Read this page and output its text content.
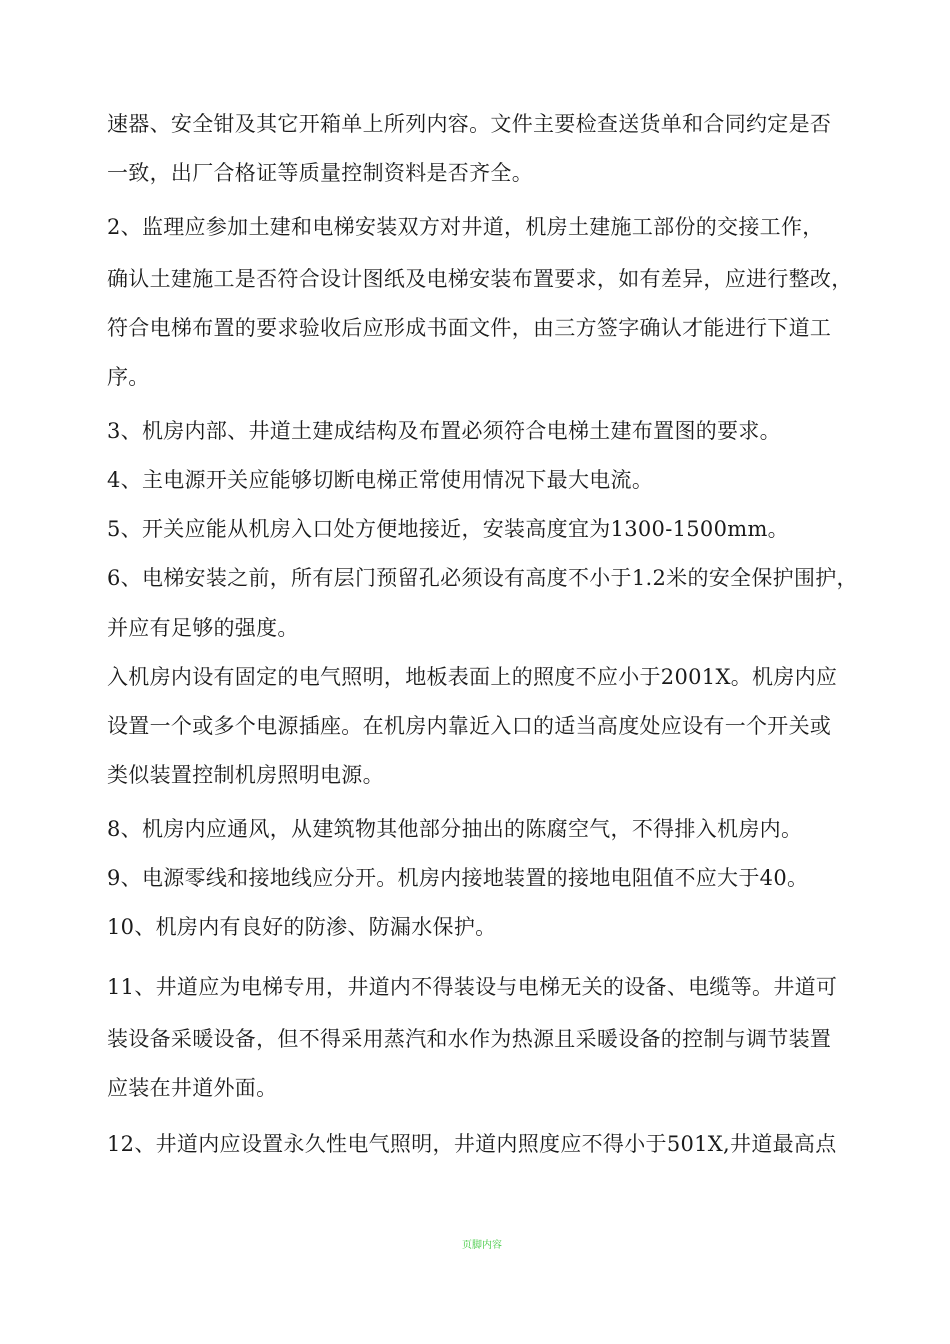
速器、安全钳及其它开箱单上所列内容。文件主要检查送货单和合同约定是否
一致，出厂合格证等质量控制资料是否齐全。
2、监理应参加土建和电梯安装双方对井道，机房土建施工部份的交接工作，
确认土建施工是否符合设计图纸及电梯安装布置要求，如有差异，应进行整改，
符合电梯布置的要求验收后应形成书面文件，由三方签字确认才能进行下道工
序。
3、机房内部、井道土建成结构及布置必须符合电梯土建布置图的要求。
4、主电源开关应能够切断电梯正常使用情况下最大电流。
5、开关应能从机房入口处方便地接近，安装高度宜为1300-1500mm。
6、电梯安装之前，所有层门预留孔必须设有高度不小于1.2米的安全保护围护，
并应有足够的强度。
入机房内设有固定的电气照明，地板表面上的照度不应小于2001X。机房内应
设置一个或多个电源插座。在机房内靠近入口的适当高度处应设有一个开关或
类似装置控制机房照明电源。
8、机房内应通风，从建筑物其他部分抽出的陈腐空气，不得排入机房内。
9、电源零线和接地线应分开。机房内接地装置的接地电阻值不应大于40。
10、机房内有良好的防渗、防漏水保护。
11、井道应为电梯专用，井道内不得装设与电梯无关的设备、电缆等。井道可
装设备采暖设备，但不得采用蒸汽和水作为热源且采暖设备的控制与调节装置
应装在井道外面。
12、井道内应设置永久性电气照明，井道内照度应不得小于501X,井道最高点
页脚内容
